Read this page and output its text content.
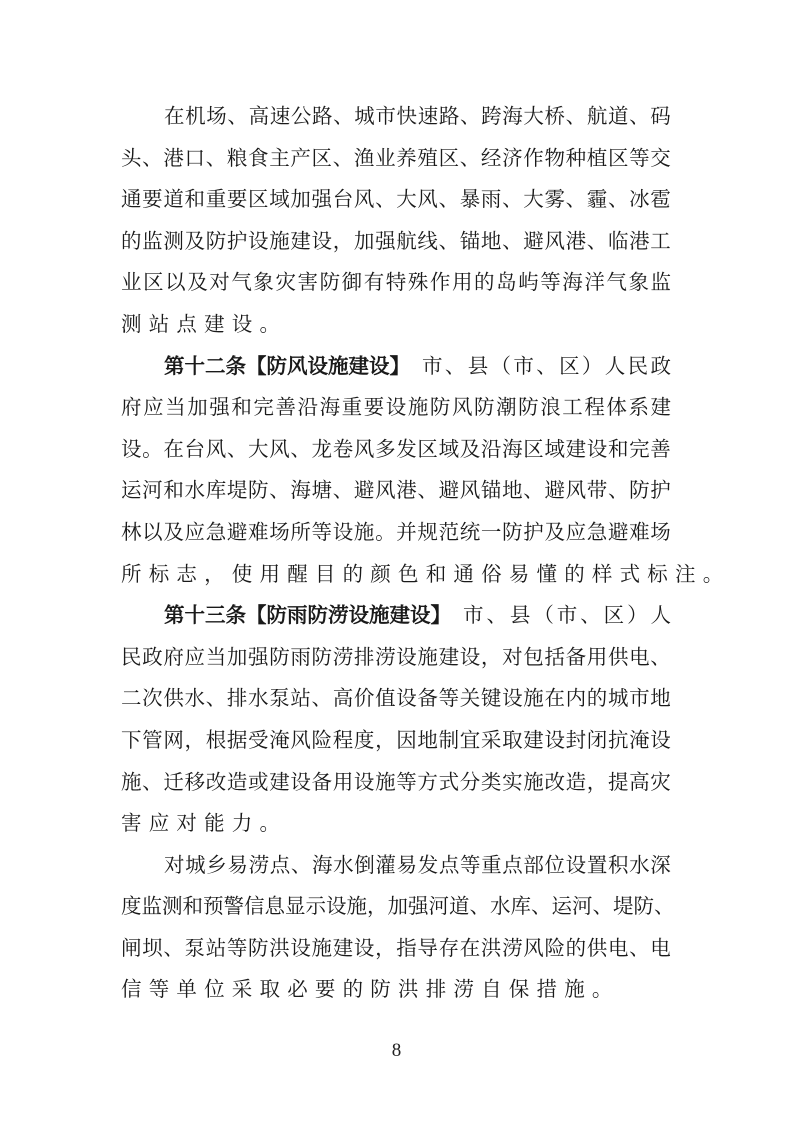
在 机 场 、 高 速 公 路 、 城 市 快 速 路 、 跨 海 大 桥 、 航 道 、 码
头 、 港 口 、 粮 食 主 产 区 、 渔 业 养 殖 区 、 经 济 作 物 种 植 区 等 交
通 要 道 和 重 要 区 域 加 强 台 风 、 大 风 、 暴 雨 、 大 雾 、 霾 、 冰 雹
的 监 测 及 防 护 设 施 建 设 ， 加 强 航 线 、 锚 地 、 避 风 港 、 临 港 工
业 区 以 及 对 气 象 灾 害 防 御 有 特 殊 作 用 的 岛 屿 等 海 洋 气 象 监
测站点建设。
第十二条【防风设施建设】 市 、 县 （ 市 、 区 ） 人 民 政
府 应 当 加 强 和 完 善 沿 海 重 要 设 施 防 风 防 潮 防 浪 工 程 体 系 建
设 。 在 台 风 、 大 风 、 龙 卷 风 多 发 区 域 及 沿 海 区 域 建 设 和 完 善
运 河 和 水 库 堤 防 、 海 塘 、 避 风 港 、 避 风 锚 地 、 避 风 带 、 防 护
林 以 及 应 急 避 难 场 所 等 设 施 。 并 规 范 统 一 防 护 及 应 急 避 难 场
所标志，使用醒目的颜色和通俗易懂的样式标注。
第十三条【防雨防涝设施建设】 市 、 县 （ 市 、 区 ） 人
民 政 府 应 当 加 强 防 雨 防 涝 排 涝 设 施 建 设 ， 对 包 括 备 用 供 电 、
二 次 供 水 、 排 水 泵 站 、 高 价 值 设 备 等 关 键 设 施 在 内 的 城 市 地
下 管 网 ， 根 据 受 淹 风 险 程 度 ， 因 地 制 宜 采 取 建 设 封 闭 抗 淹 设
施 、 迁 移 改 造 或 建 设 备 用 设 施 等 方 式 分 类 实 施 改 造 ， 提 高 灾
害应对能力。
对 城 乡 易 涝 点 、 海 水 倒 灌 易 发 点 等 重 点 部 位 设 置 积 水 深
度 监 测 和 预 警 信 息 显 示 设 施 ， 加 强 河 道 、 水 库 、 运 河 、 堤 防 、
闸 坝 、 泵 站 等 防 洪 设 施 建 设 ， 指 导 存 在 洪 涝 风 险 的 供 电 、 电
信等单位采取必要的防洪排涝自保措施。
8
